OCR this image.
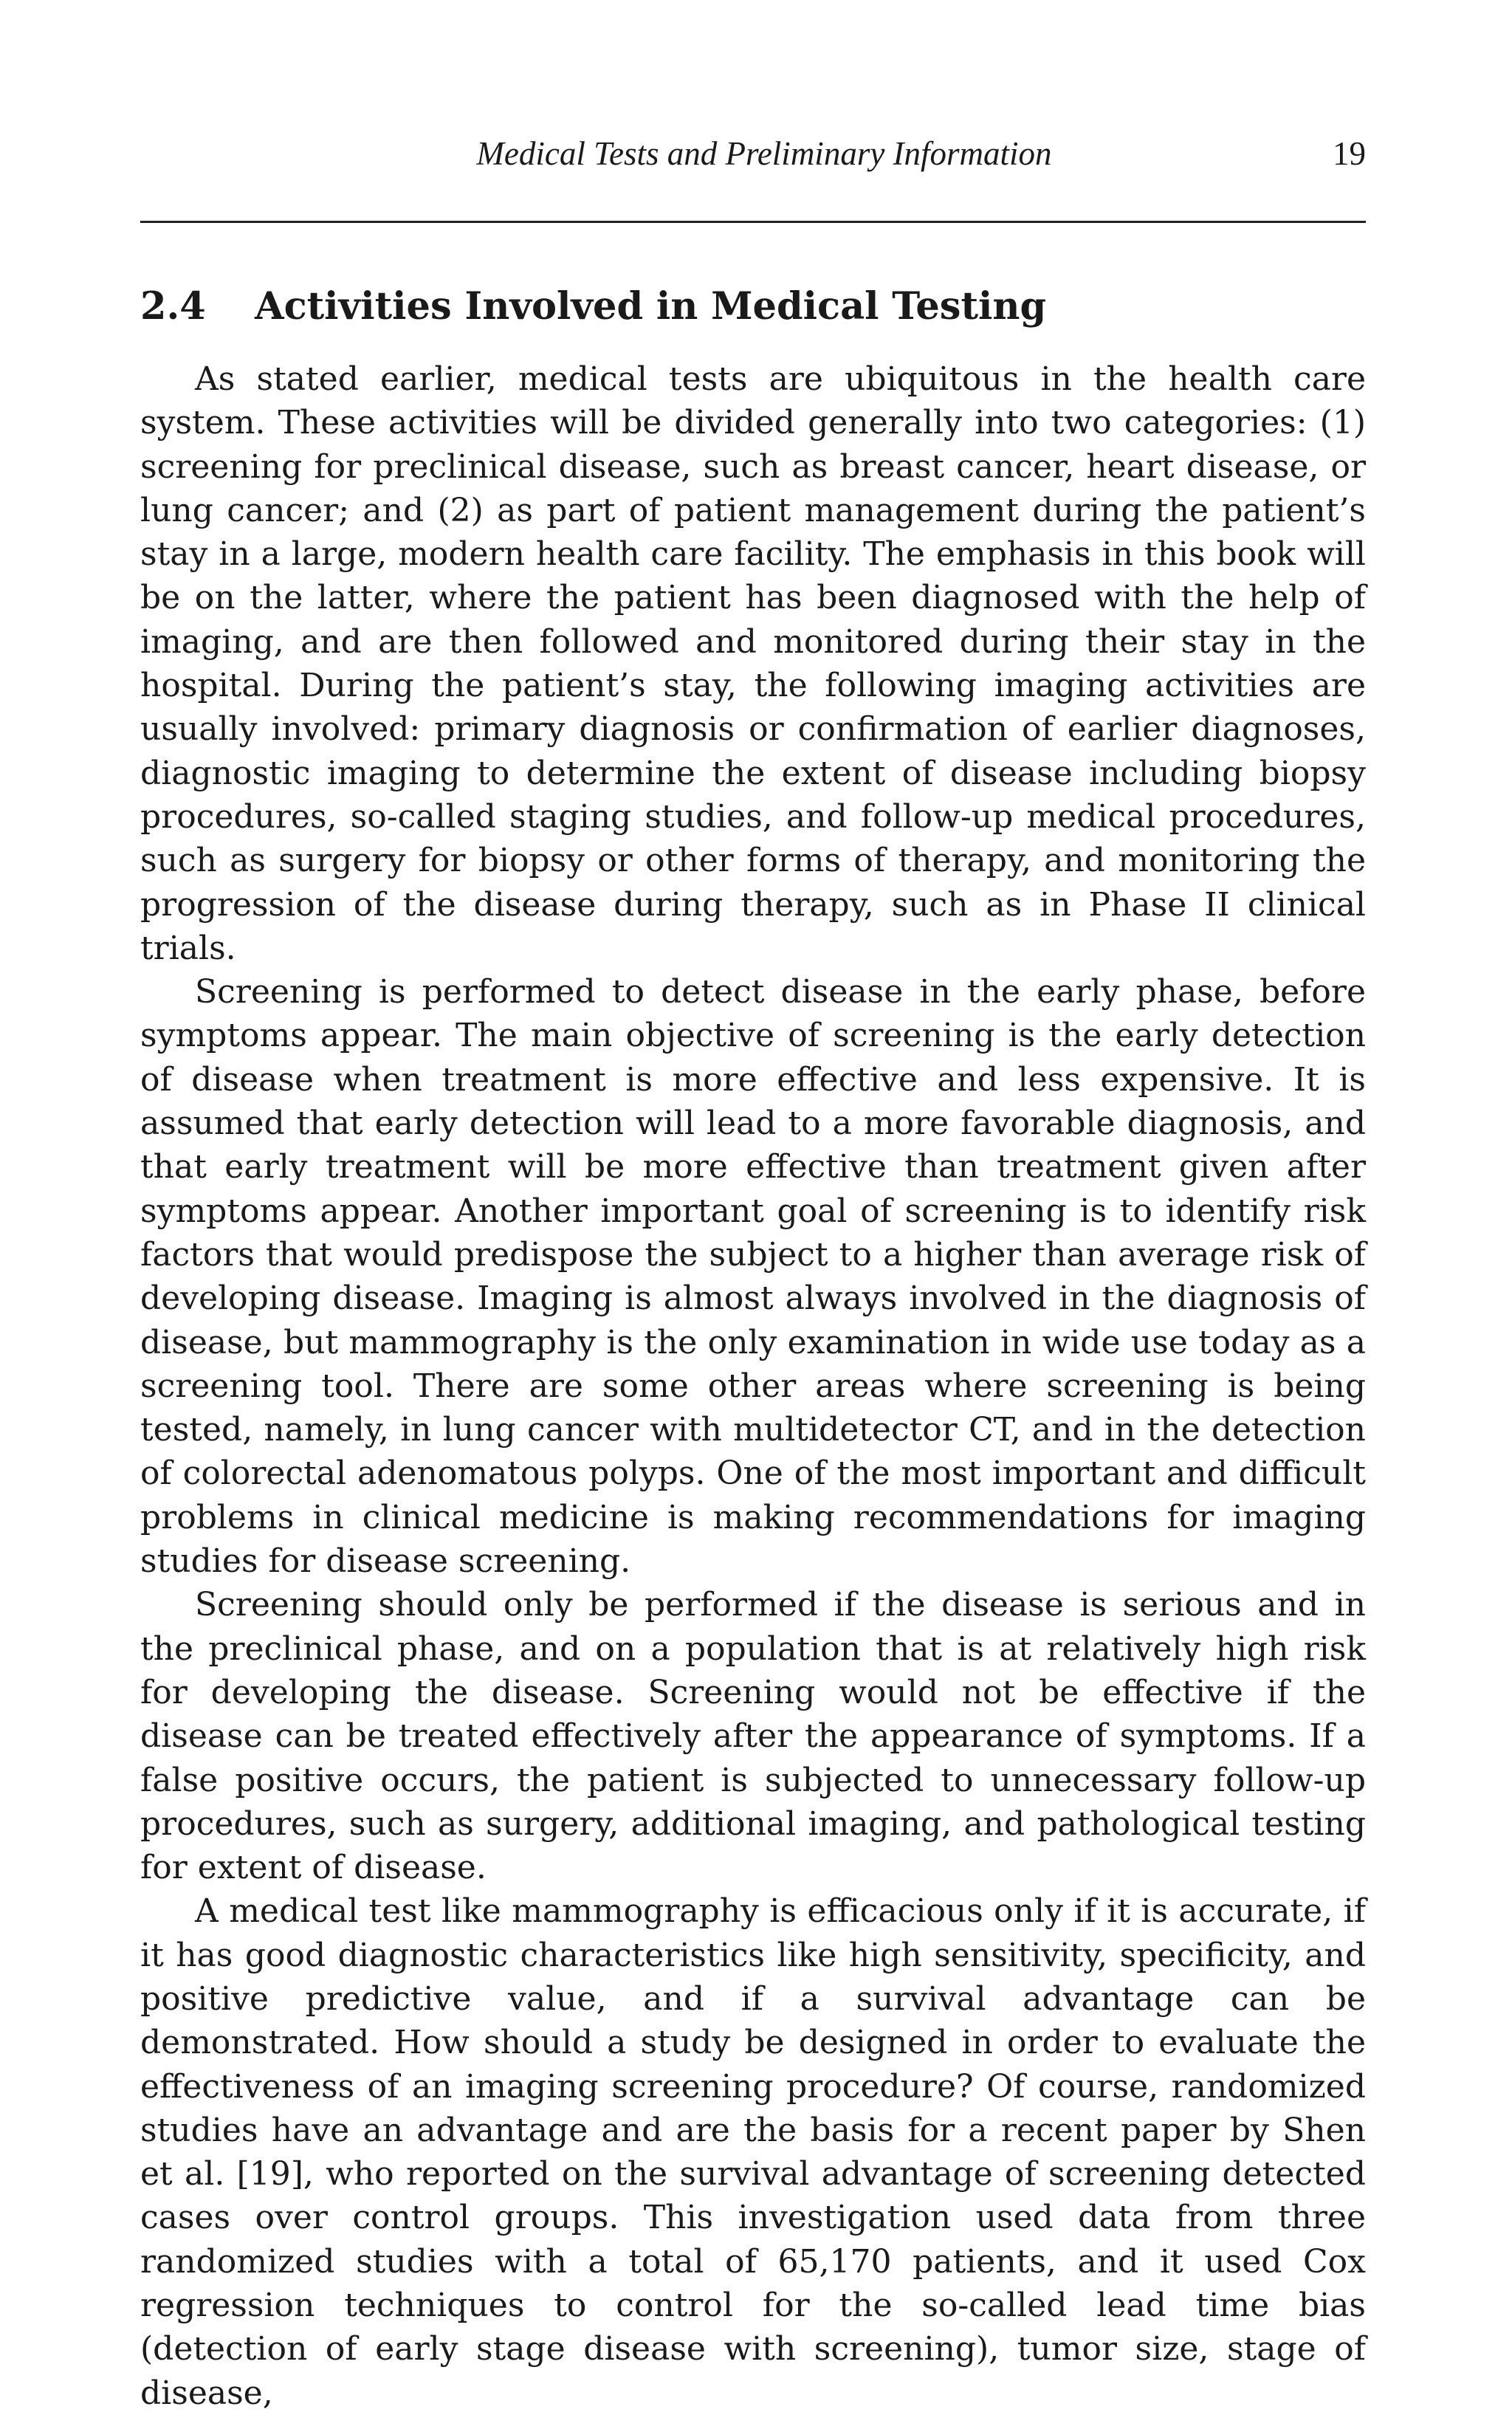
Medical Tests and Preliminary Information	19
2.4 Activities Involved in Medical Testing

As stated earlier, medical tests are ubiquitous in the health care system. These activities will be divided generally into two categories: (1) screening for preclinical disease, such as breast cancer, heart disease, or lung cancer; and (2) as part of patient management during the patient’s stay in a large, modern health care facility. The emphasis in this book will be on the latter, where the patient has been diagnosed with the help of imaging, and are then followed and monitored during their stay in the hospital. During the patient’s stay, the following imaging activities are usually involved: primary diagnosis or confirmation of earlier diagnoses, diagnostic imaging to determine the extent of disease including biopsy procedures, so-called staging studies, and follow-up medical procedures, such as surgery for biopsy or other forms of therapy, and monitoring the progression of the disease during therapy, such as in Phase II clinical trials.

Screening is performed to detect disease in the early phase, before symptoms appear. The main objective of screening is the early detection of disease when treatment is more effective and less expensive. It is assumed that early detection will lead to a more favorable diagnosis, and that early treatment will be more effective than treatment given after symptoms appear. Another important goal of screening is to identify risk factors that would predispose the subject to a higher than average risk of developing disease. Imaging is almost always involved in the diagnosis of disease, but mammography is the only examination in wide use today as a screening tool. There are some other areas where screening is being tested, namely, in lung cancer with multidetector CT, and in the detection of colorectal adenomatous polyps. One of the most important and difficult problems in clinical medicine is making recommendations for imaging studies for disease screening.

Screening should only be performed if the disease is serious and in the preclinical phase, and on a population that is at relatively high risk for developing the disease. Screening would not be effective if the disease can be treated effectively after the appearance of symptoms. If a false positive occurs, the patient is subjected to unnecessary follow-up procedures, such as surgery, additional imaging, and pathological testing for extent of disease.

A medical test like mammography is efficacious only if it is accurate, if it has good diagnostic characteristics like high sensitivity, specificity, and positive predictive value, and if a survival advantage can be demonstrated. How should a study be designed in order to evaluate the effectiveness of an imaging screening procedure? Of course, randomized studies have an advantage and are the basis for a recent paper by Shen et al. [19], who reported on the survival advantage of screening detected cases over control groups. This investigation used data from three randomized studies with a total of 65,170 patients, and it used Cox regression techniques to control for the so-called lead time bias (detection of early stage disease with screening), tumor size, stage of disease,
